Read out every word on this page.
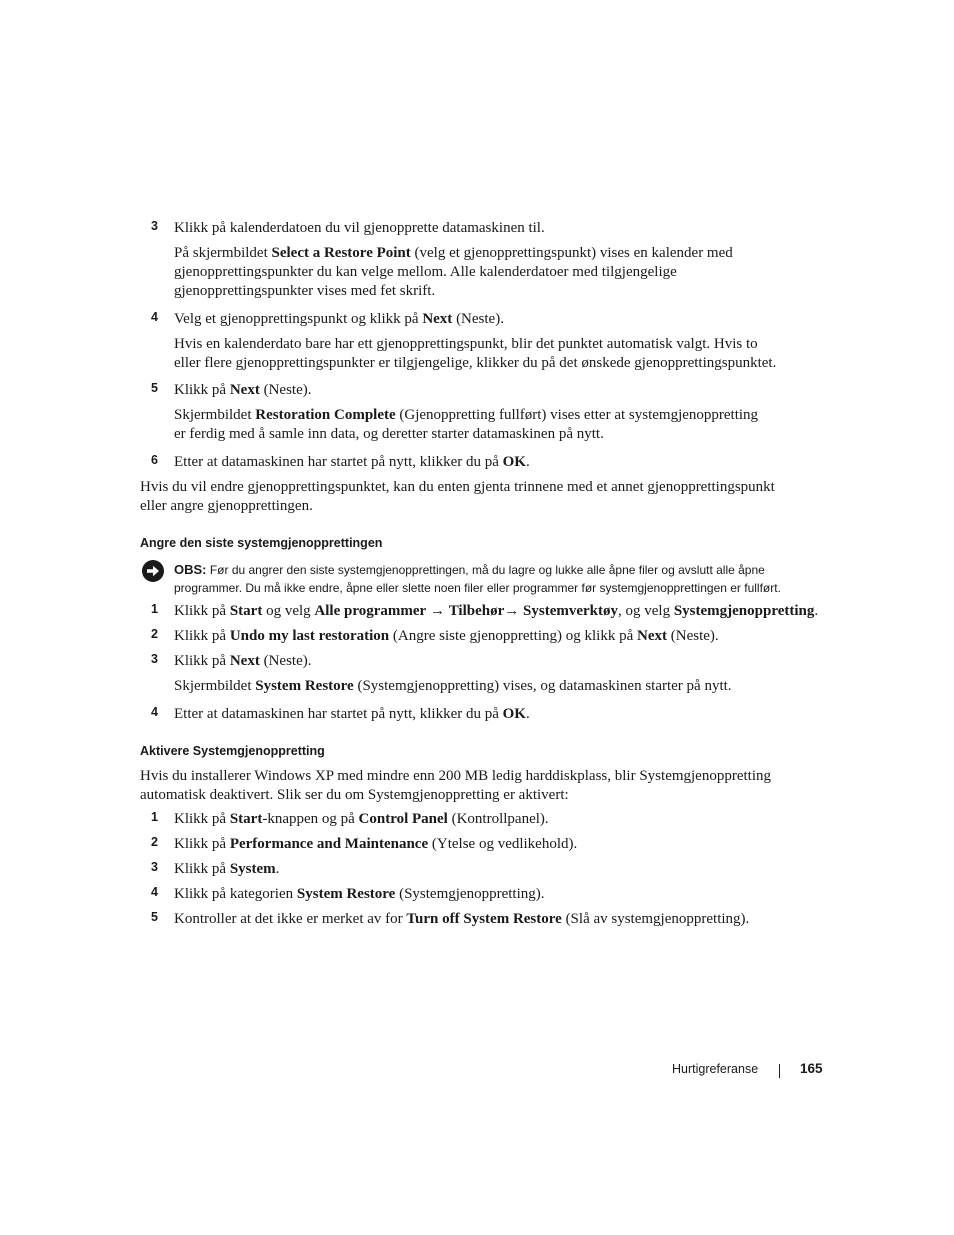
3	Klikk på kalenderdatoen du vil gjenopprette datamaskinen til.
På skjermbildet Select a Restore Point (velg et gjenopprettingspunkt) vises en kalender med
gjenopprettingspunkter du kan velge mellom. Alle kalenderdatoer med tilgjengelige
gjenopprettingspunkter vises med fet skrift.
4	Velg et gjenopprettingspunkt og klikk på Next (Neste).
Hvis en kalenderdato bare har ett gjenopprettingspunkt, blir det punktet automatisk valgt. Hvis to
eller flere gjenopprettingspunkter er tilgjengelige, klikker du på det ønskede gjenopprettingspunktet.
5	Klikk på Next (Neste).
Skjermbildet Restoration Complete (Gjenoppretting fullført) vises etter at systemgjenoppretting
er ferdig med å samle inn data, og deretter starter datamaskinen på nytt.
6	Etter at datamaskinen har startet på nytt, klikker du på OK.
Hvis du vil endre gjenopprettingspunktet, kan du enten gjenta trinnene med et annet gjenopprettingspunkt
eller angre gjenopprettingen.
Angre den siste systemgjenopprettingen
OBS: Før du angrer den siste systemgjenopprettingen, må du lagre og lukke alle åpne filer og avslutt alle åpne
programmer. Du må ikke endre, åpne eller slette noen filer eller programmer før systemgjenopprettingen er fullført.
1	Klikk på Start og velg Alle programmer → Tilbehør→ Systemverktøy, og velg Systemgjenoppretting.
2	Klikk på Undo my last restoration (Angre siste gjenoppretting) og klikk på Next (Neste).
3	Klikk på Next (Neste).
Skjermbildet System Restore (Systemgjenoppretting) vises, og datamaskinen starter på nytt.
4	Etter at datamaskinen har startet på nytt, klikker du på OK.
Aktivere Systemgjenoppretting
Hvis du installerer Windows XP med mindre enn 200 MB ledig harddiskplass, blir Systemgjenoppretting
automatisk deaktivert. Slik ser du om Systemgjenoppretting er aktivert:
1	Klikk på Start-knappen og på Control Panel (Kontrollpanel).
2	Klikk på Performance and Maintenance (Ytelse og vedlikehold).
3	Klikk på System.
4	Klikk på kategorien System Restore (Systemgjenoppretting).
5	Kontroller at det ikke er merket av for Turn off System Restore (Slå av systemgjenoppretting).
Hurtigreferanse	165
